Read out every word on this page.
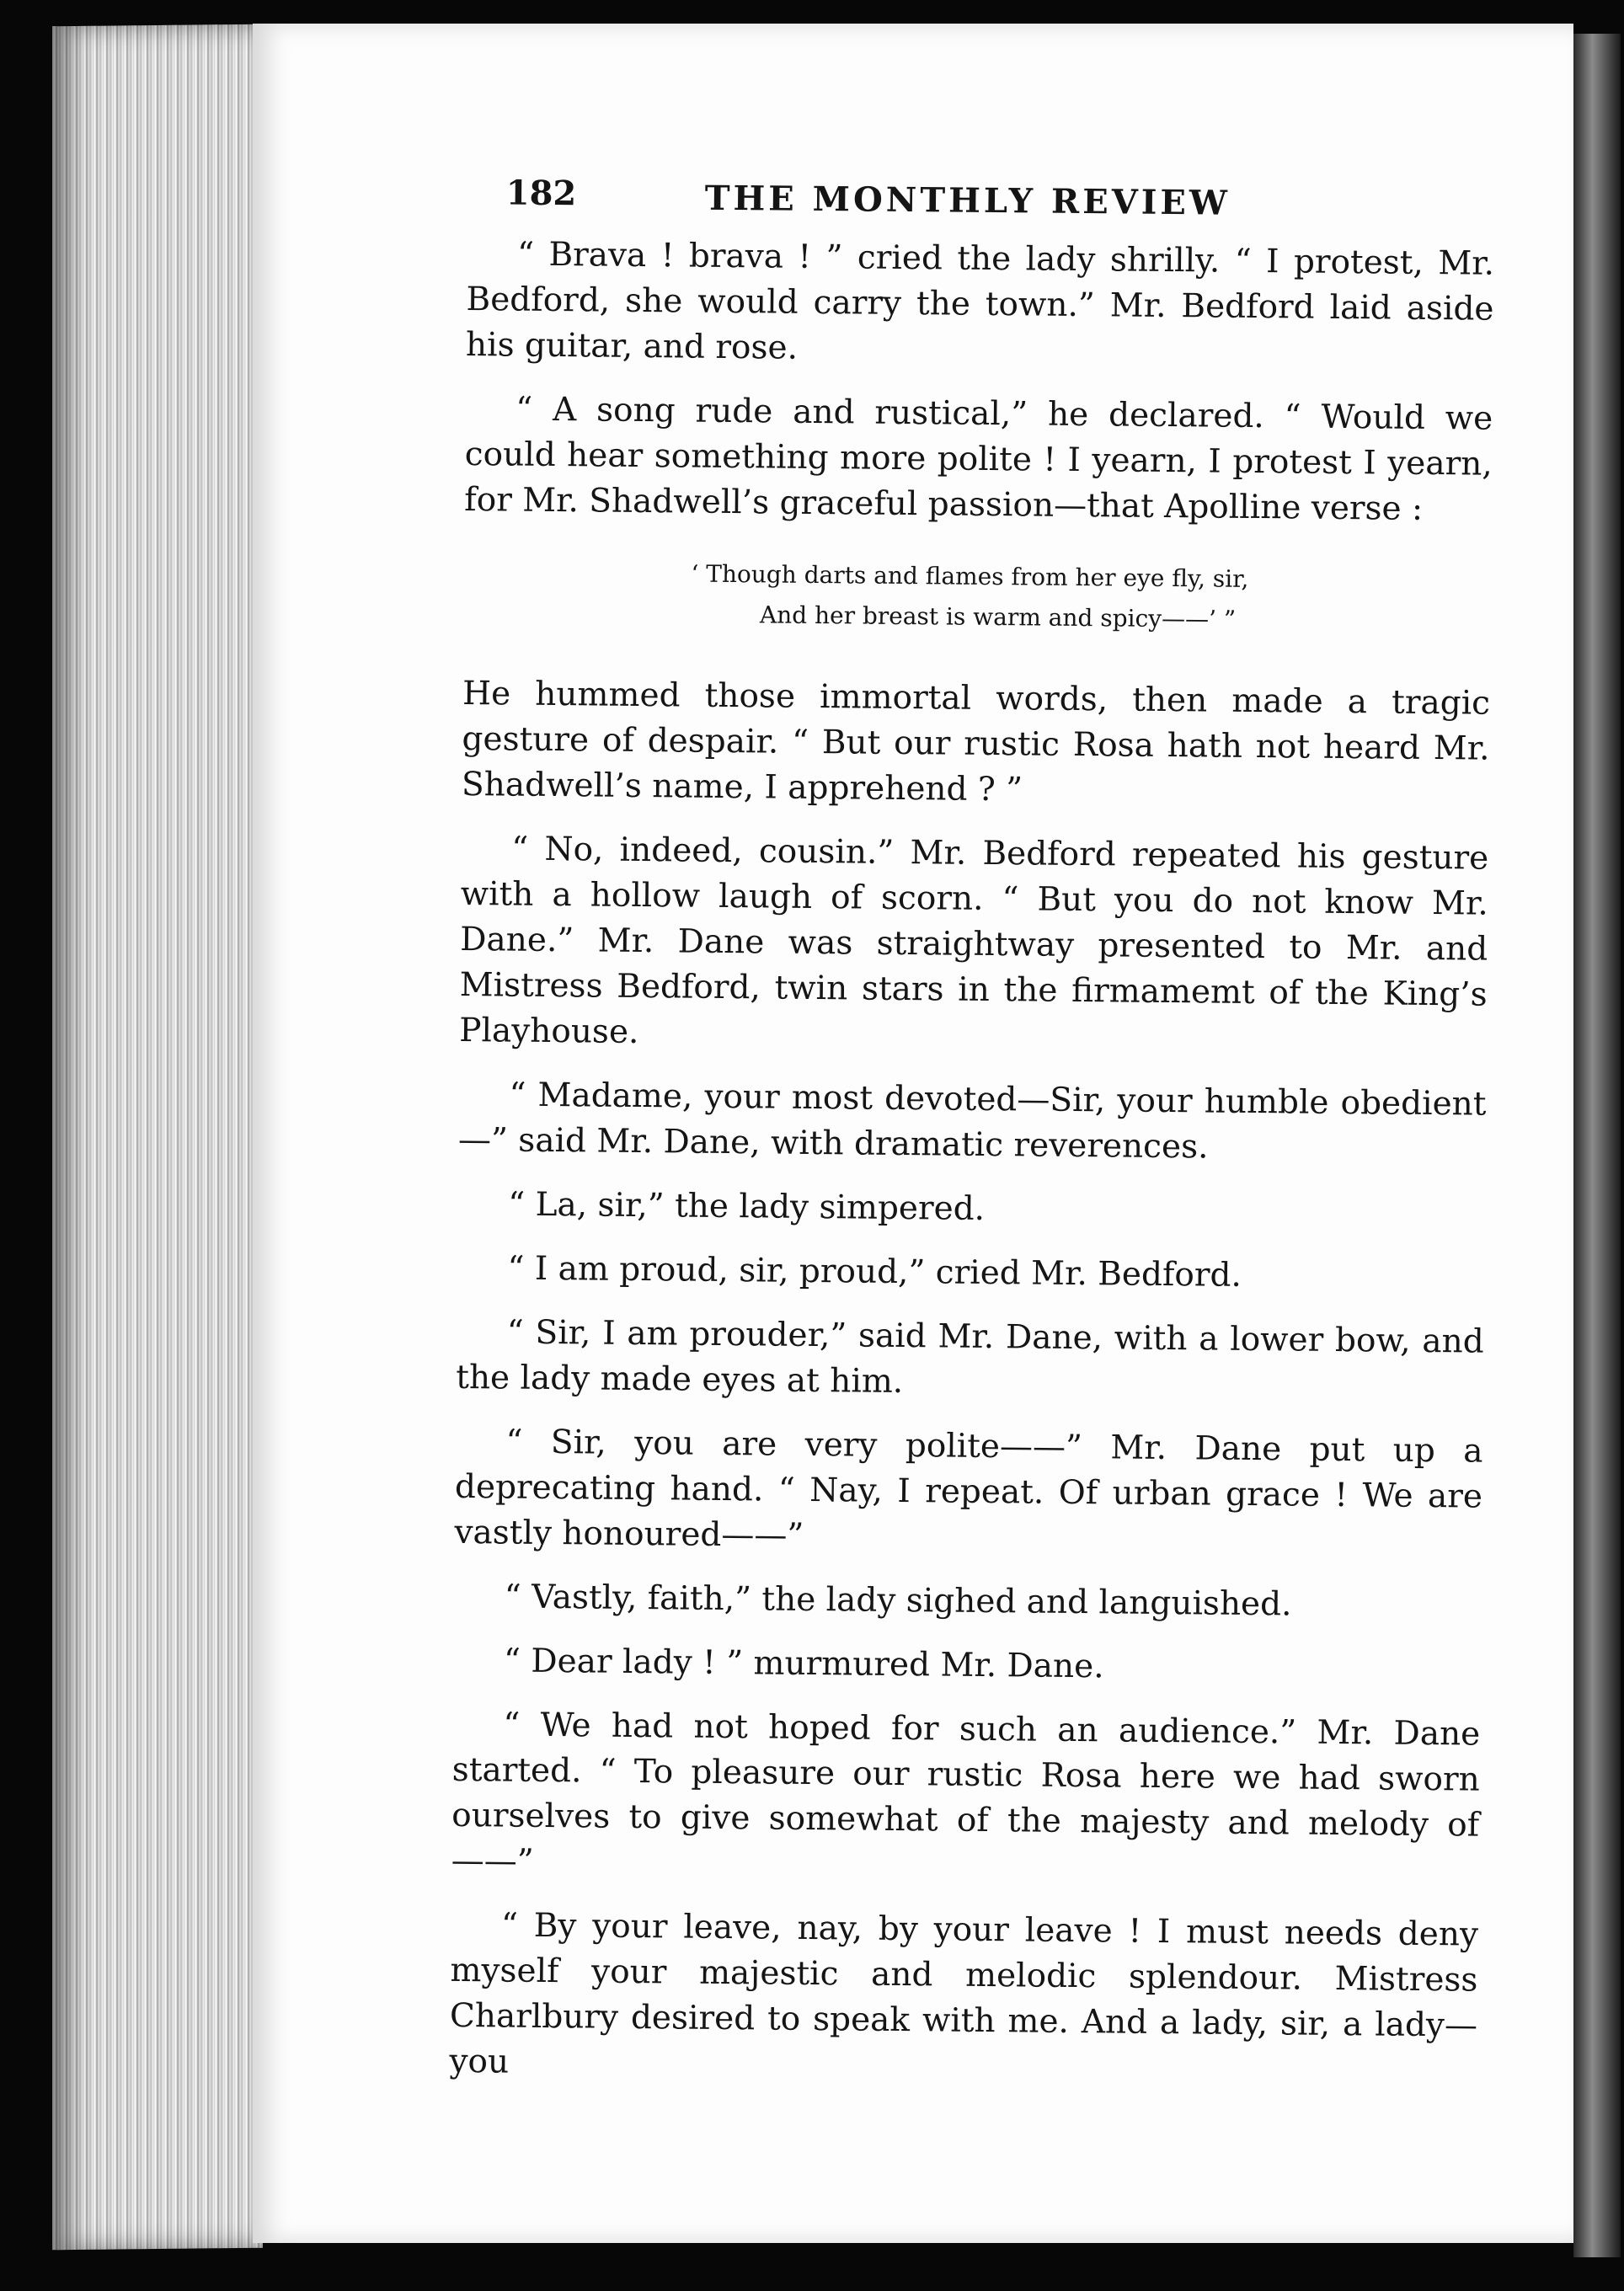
182	THE MONTHLY REVIEW

“ Brava ! brava ! ” cried the lady shrilly. “ I protest, Mr. Bedford, she would carry the town.” Mr. Bedford laid aside his guitar, and rose.

“ A song rude and rustical,” he declared. “ Would we could hear something more polite ! I yearn, I protest I yearn, for Mr. Shadwell’s graceful passion—that Apolline verse :

‘ Though darts and flames from her eye fly, sir,
And her breast is warm and spicy——’ ”

He hummed those immortal words, then made a tragic gesture of despair. “ But our rustic Rosa hath not heard Mr. Shadwell’s name, I apprehend ? ”

“ No, indeed, cousin.” Mr. Bedford repeated his gesture with a hollow laugh of scorn. “ But you do not know Mr. Dane.” Mr. Dane was straightway presented to Mr. and Mistress Bedford, twin stars in the firmamemt of the King’s Playhouse.

“ Madame, your most devoted—Sir, your humble obedient—” said Mr. Dane, with dramatic reverences.

“ La, sir,” the lady simpered.

“ I am proud, sir, proud,” cried Mr. Bedford.

“ Sir, I am prouder,” said Mr. Dane, with a lower bow, and the lady made eyes at him.

“ Sir, you are very polite——” Mr. Dane put up a deprecating hand. “ Nay, I repeat. Of urban grace ! We are vastly honoured——”

“ Vastly, faith,” the lady sighed and languished.

“ Dear lady ! ” murmured Mr. Dane.

“ We had not hoped for such an audience.” Mr. Dane started. “ To pleasure our rustic Rosa here we had sworn ourselves to give somewhat of the majesty and melody of——”

“ By your leave, nay, by your leave ! I must needs deny myself your majestic and melodic splendour. Mistress Charlbury desired to speak with me. And a lady, sir, a lady—you
